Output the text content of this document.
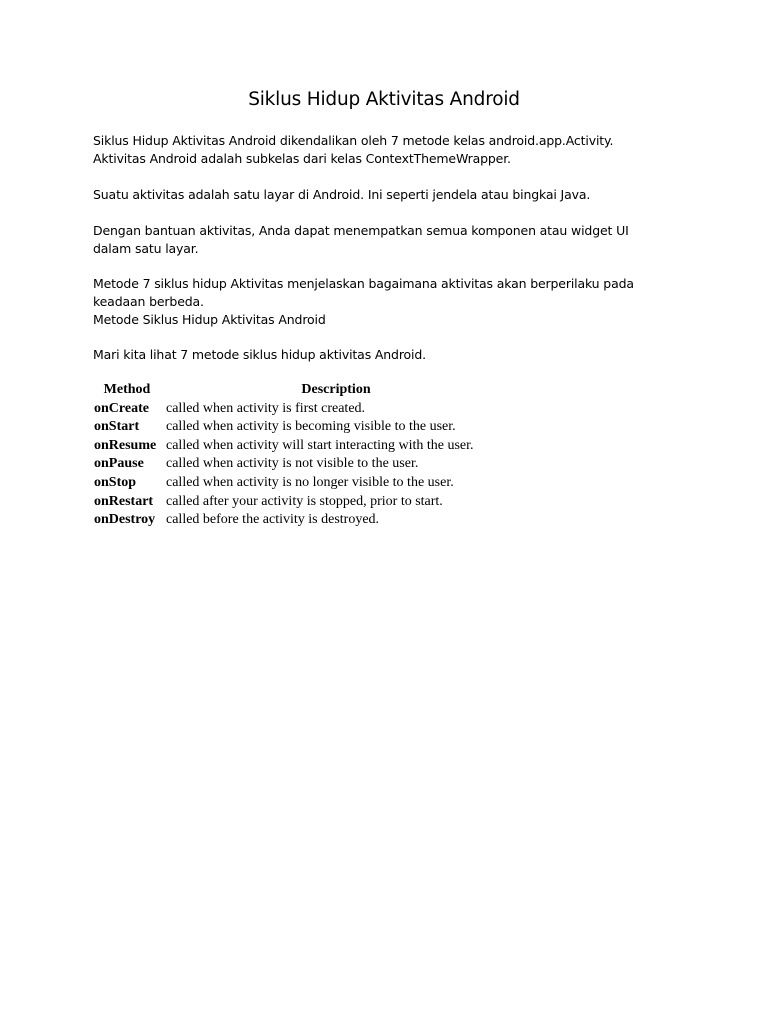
Siklus Hidup Aktivitas Android

Siklus Hidup Aktivitas Android dikendalikan oleh 7 metode kelas android.app.Activity.
Aktivitas Android adalah subkelas dari kelas ContextThemeWrapper.

Suatu aktivitas adalah satu layar di Android. Ini seperti jendela atau bingkai Java.

Dengan bantuan aktivitas, Anda dapat menempatkan semua komponen atau widget UI
dalam satu layar.

Metode 7 siklus hidup Aktivitas menjelaskan bagaimana aktivitas akan berperilaku pada
keadaan berbeda.
Metode Siklus Hidup Aktivitas Android

Mari kita lihat 7 metode siklus hidup aktivitas Android.

Method	Description
onCreate	called when activity is first created.
onStart	called when activity is becoming visible to the user.
onResume	called when activity will start interacting with the user.
onPause	called when activity is not visible to the user.
onStop	called when activity is no longer visible to the user.
onRestart	called after your activity is stopped, prior to start.
onDestroy	called before the activity is destroyed.
